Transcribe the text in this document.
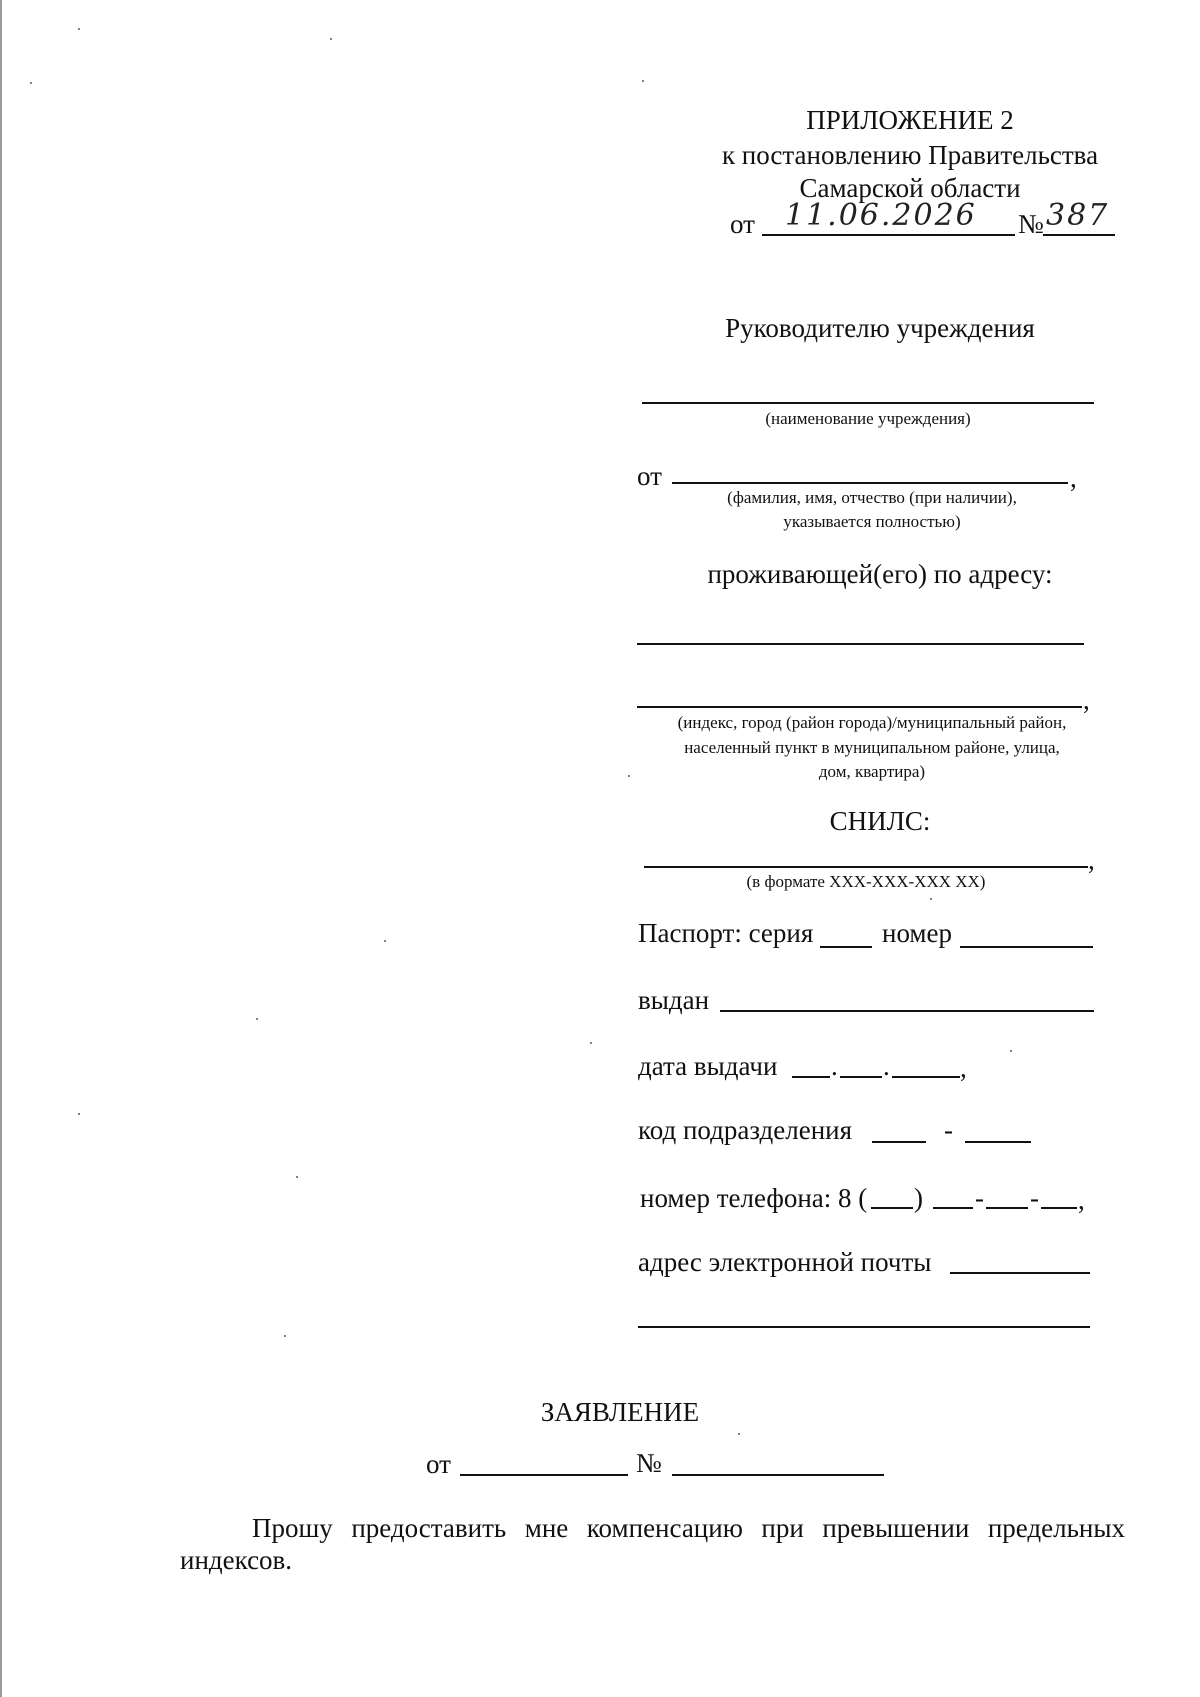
ПРИЛОЖЕНИЕ 2
к постановлению Правительства
Самарской области
от 11.06.2026 № 387
Руководителю учреждения
(наименование учреждения)
от	,
(фамилия, имя, отчество (при наличии),
указывается полностью)
проживающей(его) по адресу:
,
(индекс, город (район города)/муниципальный район,
населенный пункт в муниципальном районе, улица,
дом, квартира)
СНИЛС:
,
(в формате XXX-XXX-XXX XX)
Паспорт: серия	номер
выдан
дата выдачи . .	,
код подразделения	-
номер телефона: 8 ( ) - - ,
адрес электронной почты
ЗАЯВЛЕНИЕ
от	№
Прошу предоставить мне компенсацию при превышении предельных индексов.
